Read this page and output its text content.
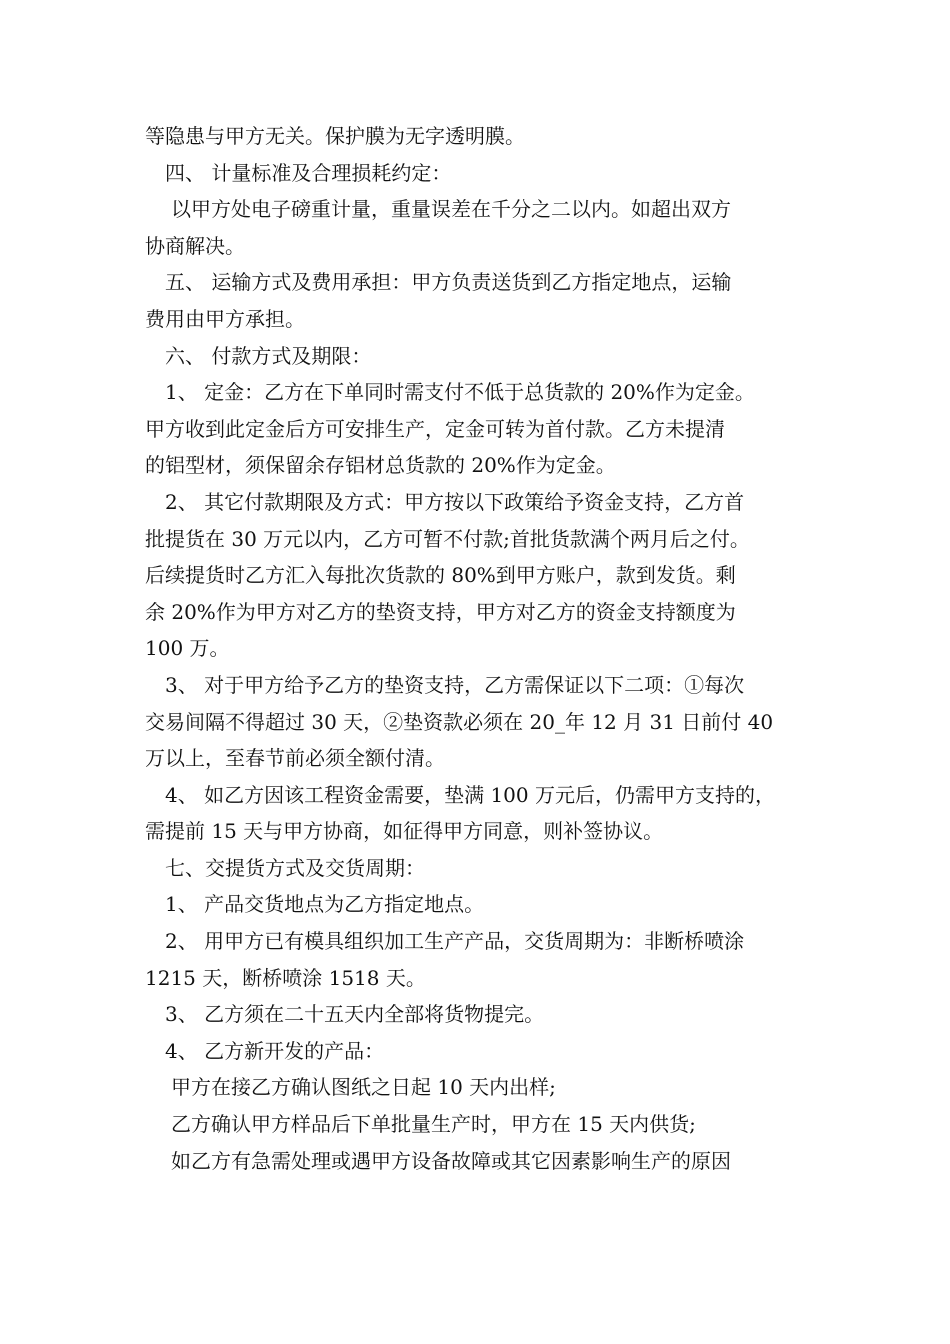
等隐患与甲方无关。保护膜为无字透明膜。
四、 计量标准及合理损耗约定：
以甲方处电子磅重计量，重量误差在千分之二以内。如超出双方
协商解决。
五、 运输方式及费用承担：甲方负责送货到乙方指定地点，运输
费用由甲方承担。
六、 付款方式及期限：
1、 定金：乙方在下单同时需支付不低于总货款的 20%作为定金。
甲方收到此定金后方可安排生产，定金可转为首付款。乙方未提清
的铝型材，须保留余存铝材总货款的 20%作为定金。
2、 其它付款期限及方式：甲方按以下政策给予资金支持，乙方首
批提货在 30 万元以内，乙方可暂不付款;首批货款满个两月后之付。
后续提货时乙方汇入每批次货款的 80%到甲方账户，款到发货。剩
余 20%作为甲方对乙方的垫资支持，甲方对乙方的资金支持额度为
100 万。
3、 对于甲方给予乙方的垫资支持，乙方需保证以下二项：①每次
交易间隔不得超过 30 天，②垫资款必须在 20_年 12 月 31 日前付 40
万以上，至春节前必须全额付清。
4、 如乙方因该工程资金需要，垫满 100 万元后，仍需甲方支持的，
需提前 15 天与甲方协商，如征得甲方同意，则补签协议。
七、交提货方式及交货周期：
1、 产品交货地点为乙方指定地点。
2、 用甲方已有模具组织加工生产产品，交货周期为：非断桥喷涂
1215 天，断桥喷涂 1518 天。
3、 乙方须在二十五天内全部将货物提完。
4、 乙方新开发的产品：
甲方在接乙方确认图纸之日起 10 天内出样;
乙方确认甲方样品后下单批量生产时，甲方在 15 天内供货;
如乙方有急需处理或遇甲方设备故障或其它因素影响生产的原因
